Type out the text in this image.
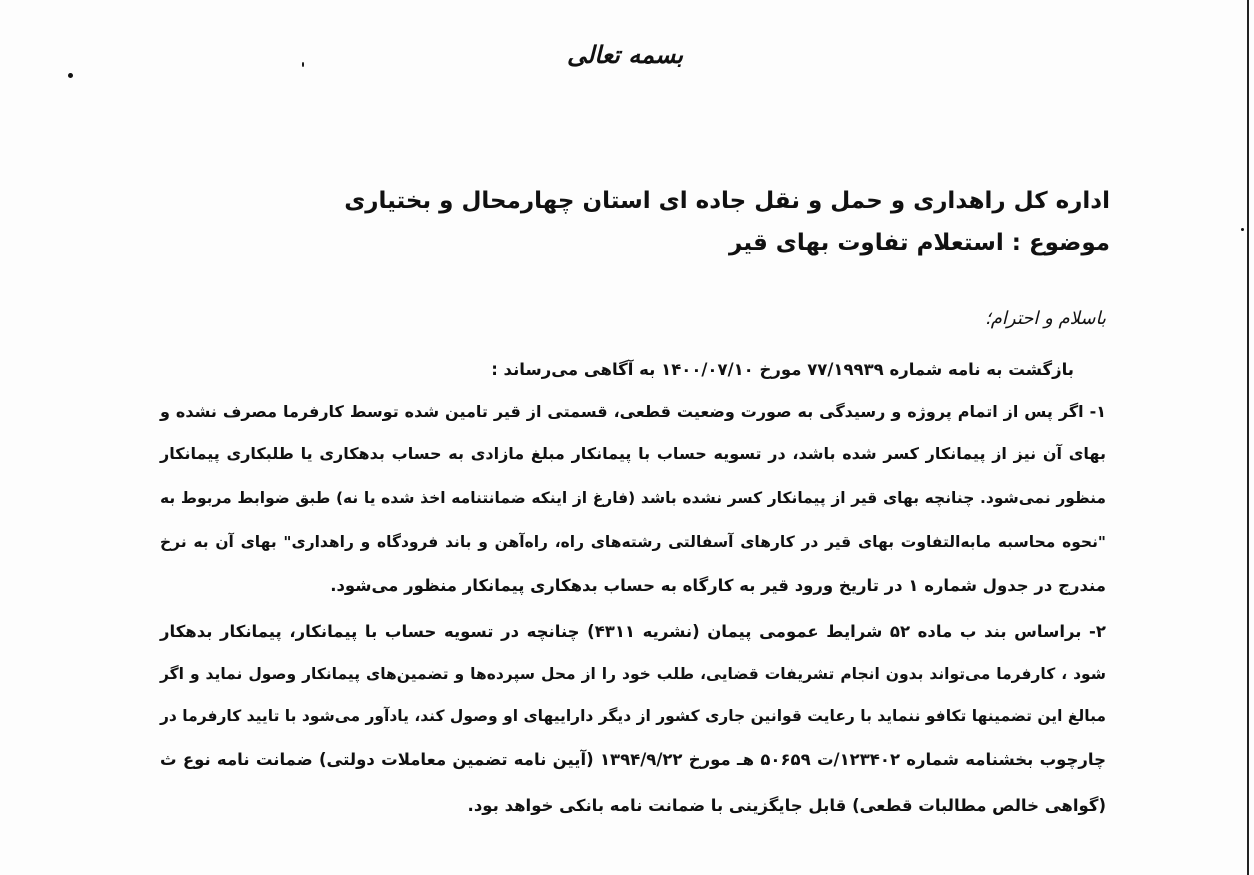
بسمه تعالی
اداره کل راهداری و حمل و نقل جاده ای استان چهارمحال و بختیاری
موضوع : استعلام تفاوت بهای قیر
باسلام و احترام؛
بازگشت به نامه شماره ۷۷/۱۹۹۳۹ مورخ ۱۴۰۰/۰۷/۱۰ به آگاهی می‌رساند :
۱- اگر پس از اتمام پروژه و رسیدگی به صورت وضعیت قطعی، قسمتی از قیر تامین شده توسط کارفرما مصرف نشده و
بهای آن نیز از پیمانکار کسر شده باشد، در تسویه حساب با پیمانکار مبلغ مازادی به حساب بدهکاری یا طلبکاری پیمانکار
منظور نمی‌شود. چنانچه بهای قیر از پیمانکار کسر نشده باشد (فارغ از اینکه ضمانتنامه اخذ شده یا نه) طبق ضوابط مربوط به
"نحوه محاسبه مابه‌التفاوت بهای قیر در کارهای آسفالتی رشته‌های راه، راه‌آهن و باند فرودگاه و راهداری" بهای آن به نرخ
مندرج در جدول شماره ۱ در تاریخ ورود قیر به کارگاه به حساب بدهکاری پیمانکار منظور می‌شود.
۲- براساس بند ب ماده ۵۲ شرایط عمومی پیمان (نشریه ۴۳۱۱) چنانچه در تسویه حساب با پیمانکار، پیمانکار بدهکار
شود ، کارفرما می‌تواند بدون انجام تشریفات قضایی، طلب خود را از محل سپرده‌ها و تضمین‌های پیمانکار وصول نماید و اگر
مبالغ این تضمینها تکافو ننماید با رعایت قوانین جاری کشور از دیگر داراییهای او وصول کند، یادآور می‌شود با تایید کارفرما در
چارچوب بخشنامه شماره ۱۲۳۴۰۲/ت ۵۰۶۵۹ هـ مورخ ۱۳۹۴/۹/۲۲ (آیین نامه تضمین معاملات دولتی) ضمانت نامه نوع ث
(گواهی خالص مطالبات قطعی) قابل جایگزینی با ضمانت نامه بانکی خواهد بود.
